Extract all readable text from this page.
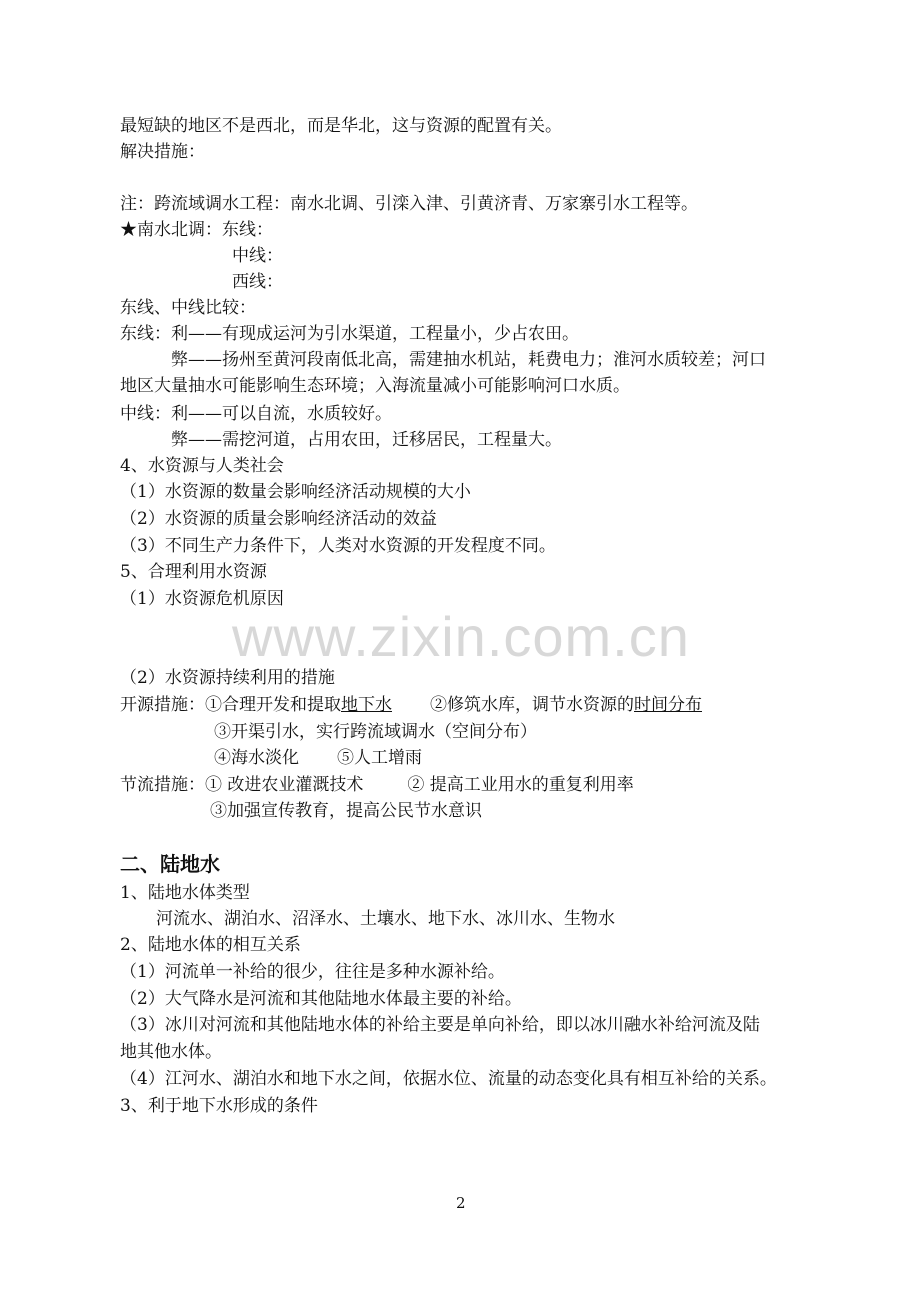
最短缺的地区不是西北，而是华北，这与资源的配置有关。
解决措施：
注：跨流域调水工程：南水北调、引滦入津、引黄济青、万家寨引水工程等。
★南水北调：东线：
中线：
西线：
东线、中线比较：
东线：利——有现成运河为引水渠道，工程量小，少占农田。
弊——扬州至黄河段南低北高，需建抽水机站，耗费电力；淮河水质较差；河口
地区大量抽水可能影响生态环境；入海流量减小可能影响河口水质。
中线：利——可以自流，水质较好。
弊——需挖河道，占用农田，迁移居民，工程量大。
4、水资源与人类社会
（1）水资源的数量会影响经济活动规模的大小
（2）水资源的质量会影响经济活动的效益
（3）不同生产力条件下，人类对水资源的开发程度不同。
5、合理利用水资源
（1）水资源危机原因
www.zixin.com.cn
（2）水资源持续利用的措施
开源措施：①合理开发和提取地下水 ②修筑水库，调节水资源的时间分布
③开渠引水，实行跨流域调水（空间分布）
④海水淡化 ⑤人工增雨
节流措施：① 改进农业灌溉技术	② 提高工业用水的重复利用率
③加强宣传教育，提高公民节水意识
二、陆地水
1、陆地水体类型
河流水、湖泊水、沼泽水、土壤水、地下水、冰川水、生物水
2、陆地水体的相互关系
（1）河流单一补给的很少，往往是多种水源补给。
（2）大气降水是河流和其他陆地水体最主要的补给。
（3）冰川对河流和其他陆地水体的补给主要是单向补给，即以冰川融水补给河流及陆
地其他水体。
（4）江河水、湖泊水和地下水之间，依据水位、流量的动态变化具有相互补给的关系。
3、利于地下水形成的条件
2
